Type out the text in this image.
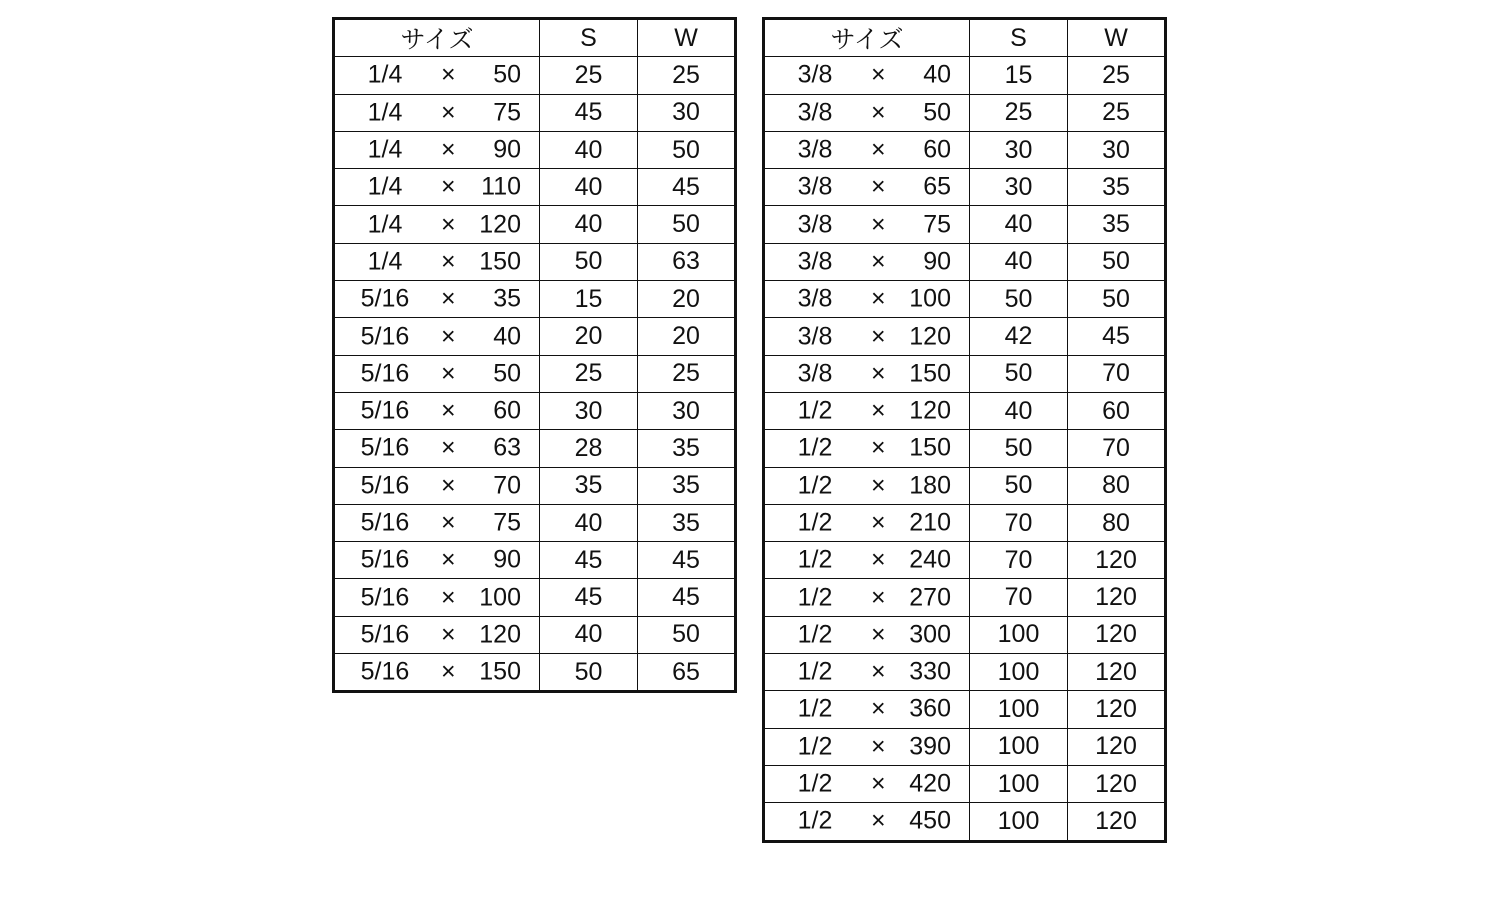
サイズ	S	W

1/4 × 50	25	25

1/4 × 75	45	30

1/4 × 90	40	50

1/4 × 110	40	45

1/4 × 120	40	50

1/4 × 150	50	63

5/16 × 35	15	20

5/16 × 40	20	20

5/16 × 50	25	25

5/16 × 60	30	30

5/16 × 63	28	35

5/16 × 70	35	35

5/16 × 75	40	35

5/16 × 90	45	45

5/16 × 100	45	45

5/16 × 120	40	50

5/16 × 150	50	65
サイズ	S	W

3/8 × 40	15	25

3/8 × 50	25	25

3/8 × 60	30	30

3/8 × 65	30	35

3/8 × 75	40	35

3/8 × 90	40	50

3/8 × 100	50	50

3/8 × 120	42	45

3/8 × 150	50	70

1/2 × 120	40	60

1/2 × 150	50	70

1/2 × 180	50	80

1/2 × 210	70	80

1/2 × 240	70	120

1/2 × 270	70	120

1/2 × 300	100	120

1/2 × 330	100	120

1/2 × 360	100	120

1/2 × 390	100	120

1/2 × 420	100	120

1/2 × 450	100	120
